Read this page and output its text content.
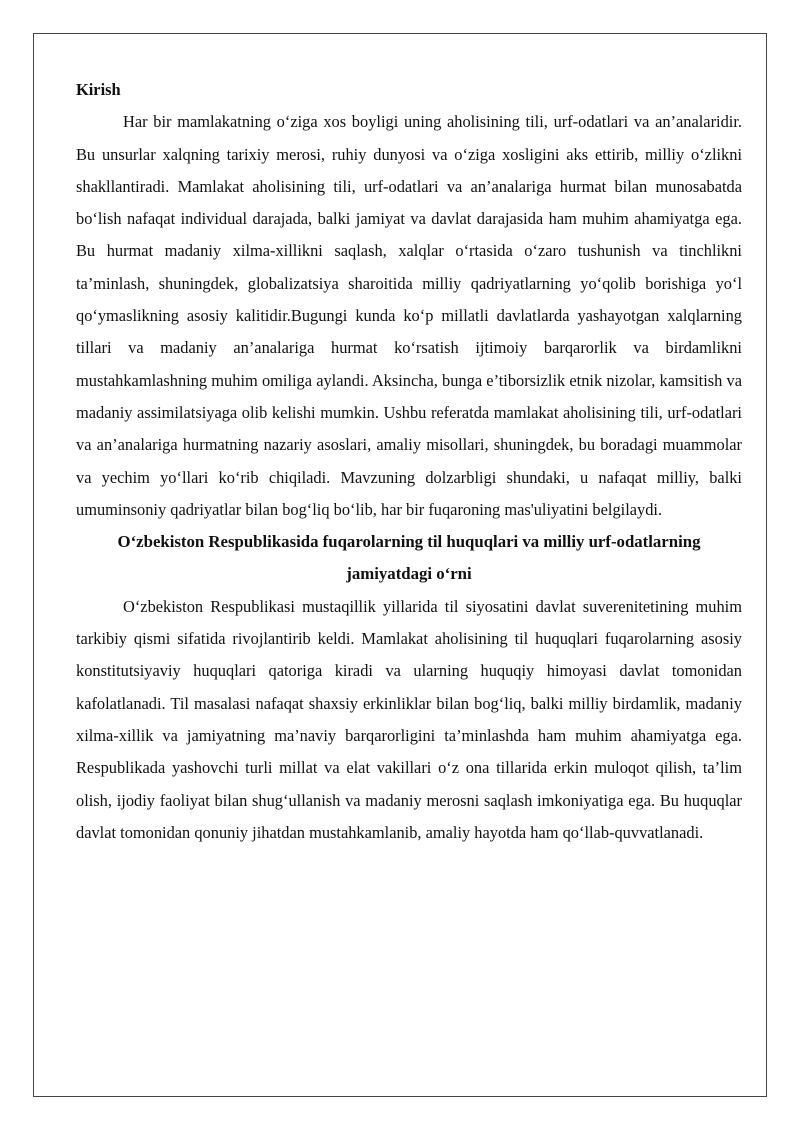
Kirish

Har bir mamlakatning o‘ziga xos boyligi uning aholisining tili, urf-odatlari va an’analaridir. Bu unsurlar xalqning tarixiy merosi, ruhiy dunyosi va o‘ziga xosligini aks ettirib, milliy o‘zlikni shakllantiradi. Mamlakat aholisining tili, urf-odatlari va an’analariga hurmat bilan munosabatda bo‘lish nafaqat individual darajada, balki jamiyat va davlat darajasida ham muhim ahamiyatga ega. Bu hurmat madaniy xilma-xillikni saqlash, xalqlar o‘rtasida o‘zaro tushunish va tinchlikni ta’minlash, shuningdek, globalizatsiya sharoitida milliy qadriyatlarning yo‘qolib borishiga yo‘l qo‘ymaslikning asosiy kalitidir.Bugungi kunda ko‘p millatli davlatlarda yashayotgan xalqlarning tillari va madaniy an’analariga hurmat ko‘rsatish ijtimoiy barqarorlik va birdamlikni mustahkamlashning muhim omiliga aylandi. Aksincha, bunga e’tiborsizlik etnik nizolar, kamsitish va madaniy assimilatsiyaga olib kelishi mumkin. Ushbu referatda mamlakat aholisining tili, urf-odatlari va an’analariga hurmatning nazariy asoslari, amaliy misollari, shuningdek, bu boradagi muammolar va yechim yo‘llari ko‘rib chiqiladi. Mavzuning dolzarbligi shundaki, u nafaqat milliy, balki umuminsoniy qadriyatlar bilan bog‘liq bo‘lib, har bir fuqaroning mas'uliyatini belgilaydi.

O‘zbekiston Respublikasida fuqarolarning til huquqlari va milliy urf-odatlarning jamiyatdagi o‘rni

O‘zbekiston Respublikasi mustaqillik yillarida til siyosatini davlat suverenitetining muhim tarkibiy qismi sifatida rivojlantirib keldi. Mamlakat aholisining til huquqlari fuqarolarning asosiy konstitutsiyaviy huquqlari qatoriga kiradi va ularning huquqiy himoyasi davlat tomonidan kafolatlanadi. Til masalasi nafaqat shaxsiy erkinliklar bilan bog‘liq, balki milliy birdamlik, madaniy xilma-xillik va jamiyatning ma’naviy barqarorligini ta’minlashda ham muhim ahamiyatga ega. Respublikada yashovchi turli millat va elat vakillari o‘z ona tillarida erkin muloqot qilish, ta’lim olish, ijodiy faoliyat bilan shug‘ullanish va madaniy merosni saqlash imkoniyatiga ega. Bu huquqlar davlat tomonidan qonuniy jihatdan mustahkamlanib, amaliy hayotda ham qo‘llab-quvvatlanadi.
